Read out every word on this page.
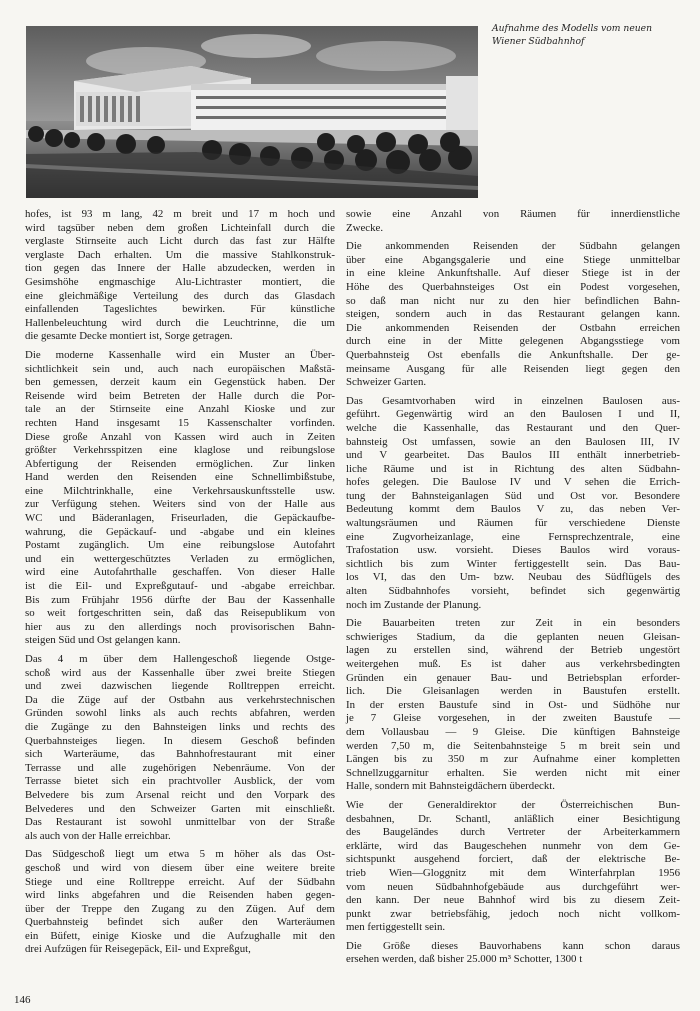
Aufnahme des Modells vom neuen
Wiener Südbahnhof
hofes, ist 93 m lang, 42 m breit und 17 m hoch und
wird tagsüber neben dem großen Lichteinfall durch die
verglaste Stirnseite auch Licht durch das fast zur Hälfte
verglaste Dach erhalten. Um die massive Stahlkonstruk-
tion gegen das Innere der Halle abzudecken, werden in
Gesimshöhe engmaschige Alu-Lichtraster montiert, die
eine gleichmäßige Verteilung des durch das Glasdach
einfallenden Tageslichtes bewirken. Für künstliche
Hallenbeleuchtung wird durch die Leuchtrinne, die um
die gesamte Decke montiert ist, Sorge getragen.
Die moderne Kassenhalle wird ein Muster an Über-
sichtlichkeit sein und, auch nach europäischen Maßstä-
ben gemessen, derzeit kaum ein Gegenstück haben. Der
Reisende wird beim Betreten der Halle durch die Por-
tale an der Stirnseite eine Anzahl Kioske und zur
rechten Hand insgesamt 15 Kassenschalter vorfinden.
Diese große Anzahl von Kassen wird auch in Zeiten
größter Verkehrsspitzen eine klaglose und reibungslose
Abfertigung der Reisenden ermöglichen. Zur linken
Hand werden den Reisenden eine Schnellimbißstube,
eine Milchtrinkhalle, eine Verkehrsauskunftsstelle usw.
zur Verfügung stehen. Weiters sind von der Halle aus
WC und Bäderanlagen, Friseurladen, die Gepäckaufbe-
wahrung, die Gepäckauf- und -abgabe und ein kleines
Postamt zugänglich. Um eine reibungslose Autofahrt
und ein wettergeschütztes Verladen zu ermöglichen,
wird eine Autofahrthalle geschaffen. Von dieser Halle
ist die Eil- und Expreßgutauf- und -abgabe erreichbar.
Bis zum Frühjahr 1956 dürfte der Bau der Kassenhalle
so weit fortgeschritten sein, daß das Reisepublikum von
hier aus zu den allerdings noch provisorischen Bahn-
steigen Süd und Ost gelangen kann.
Das 4 m über dem Hallengeschoß liegende Ostge-
schoß wird aus der Kassenhalle über zwei breite Stiegen
und zwei dazwischen liegende Rolltreppen erreicht.
Da die Züge auf der Ostbahn aus verkehrstechnischen
Gründen sowohl links als auch rechts abfahren, werden
die Zugänge zu den Bahnsteigen links und rechts des
Querbahnsteiges liegen. In diesem Geschoß befinden
sich Warteräume, das Bahnhofrestaurant mit einer
Terrasse und alle zugehörigen Nebenräume. Von der
Terrasse bietet sich ein prachtvoller Ausblick, der vom
Belvedere bis zum Arsenal reicht und den Vorpark des
Belvederes und den Schweizer Garten mit einschließt.
Das Restaurant ist sowohl unmittelbar von der Straße
als auch von der Halle erreichbar.
Das Südgeschoß liegt um etwa 5 m höher als das Ost-
geschoß und wird von diesem über eine weitere breite
Stiege und eine Rolltreppe erreicht. Auf der Südbahn
wird links abgefahren und die Reisenden haben gegen-
über der Treppe den Zugang zu den Zügen. Auf dem
Querbahnsteig befindet sich außer den Warteräumen
ein Büfett, einige Kioske und die Aufzughalle mit den
drei Aufzügen für Reisegepäck, Eil- und Expreßgut,
sowie eine Anzahl von Räumen für innerdienstliche
Zwecke.
Die ankommenden Reisenden der Südbahn gelangen
über eine Abgangsgalerie und eine Stiege unmittelbar
in eine kleine Ankunftshalle. Auf dieser Stiege ist in der
Höhe des Querbahnsteiges Ost ein Podest vorgesehen,
so daß man nicht nur zu den hier befindlichen Bahn-
steigen, sondern auch in das Restaurant gelangen kann.
Die ankommenden Reisenden der Ostbahn erreichen
durch eine in der Mitte gelegenen Abgangsstiege vom
Querbahnsteig Ost ebenfalls die Ankunftshalle. Der ge-
meinsame Ausgang für alle Reisenden liegt gegen den
Schweizer Garten.
Das Gesamtvorhaben wird in einzelnen Baulosen aus-
geführt. Gegenwärtig wird an den Baulosen I und II,
welche die Kassenhalle, das Restaurant und den Quer-
bahnsteig Ost umfassen, sowie an den Baulosen III, IV
und V gearbeitet. Das Baulos III enthält innerbetrieb-
liche Räume und ist in Richtung des alten Südbahn-
hofes gelegen. Die Baulose IV und V sehen die Errich-
tung der Bahnsteiganlagen Süd und Ost vor. Besondere
Bedeutung kommt dem Baulos V zu, das neben Ver-
waltungsräumen und Räumen für verschiedene Dienste
eine Zugvorheizanlage, eine Fernsprechzentrale, eine
Trafostation usw. vorsieht. Dieses Baulos wird voraus-
sichtlich bis zum Winter fertiggestellt sein. Das Bau-
los VI, das den Um- bzw. Neubau des Südflügels des
alten Südbahnhofes vorsieht, befindet sich gegenwärtig
noch im Zustande der Planung.
Die Bauarbeiten treten zur Zeit in ein besonders
schwieriges Stadium, da die geplanten neuen Gleisan-
lagen zu erstellen sind, während der Betrieb ungestört
weitergehen muß. Es ist daher aus verkehrsbedingten
Gründen ein genauer Bau- und Betriebsplan erforder-
lich. Die Gleisanlagen werden in Baustufen erstellt.
In der ersten Baustufe sind in Ost- und Südhöhe nur
je 7 Gleise vorgesehen, in der zweiten Baustufe —
dem Vollausbau — 9 Gleise. Die künftigen Bahnsteige
werden 7,50 m, die Seitenbahnsteige 5 m breit sein und
Längen bis zu 350 m zur Aufnahme einer kompletten
Schnellzuggarnitur erhalten. Sie werden nicht mit einer
Halle, sondern mit Bahnsteigdächern überdeckt.
Wie der Generaldirektor der Österreichischen Bun-
desbahnen, Dr. Schantl, anläßlich einer Besichtigung
des Baugeländes durch Vertreter der Arbeiterkammern
erklärte, wird das Baugeschehen nunmehr von dem Ge-
sichtspunkt ausgehend forciert, daß der elektrische Be-
trieb Wien—Gloggnitz mit dem Winterfahrplan 1956
vom neuen Südbahnhofgebäude aus durchgeführt wer-
den kann. Der neue Bahnhof wird bis zu diesem Zeit-
punkt zwar betriebsfähig, jedoch noch nicht vollkom-
men fertiggestellt sein.
Die Größe dieses Bauvorhabens kann schon daraus
ersehen werden, daß bisher 25.000 m³ Schotter, 1300 t
146
